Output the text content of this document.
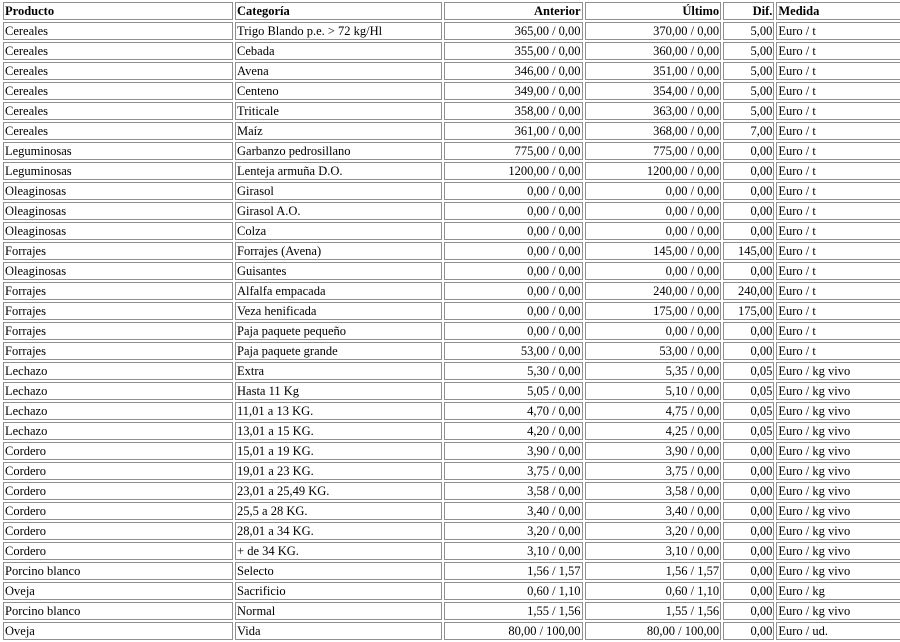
Producto	Categoría	Anterior	Último	Dif.	Medida
Cereales	Trigo Blando p.e. > 72 kg/Hl	365,00 / 0,00	370,00 / 0,00	5,00	Euro / t
Cereales	Cebada	355,00 / 0,00	360,00 / 0,00	5,00	Euro / t
Cereales	Avena	346,00 / 0,00	351,00 / 0,00	5,00	Euro / t
Cereales	Centeno	349,00 / 0,00	354,00 / 0,00	5,00	Euro / t
Cereales	Triticale	358,00 / 0,00	363,00 / 0,00	5,00	Euro / t
Cereales	Maíz	361,00 / 0,00	368,00 / 0,00	7,00	Euro / t
Leguminosas	Garbanzo pedrosillano	775,00 / 0,00	775,00 / 0,00	0,00	Euro / t
Leguminosas	Lenteja armuña D.O.	1200,00 / 0,00	1200,00 / 0,00	0,00	Euro / t
Oleaginosas	Girasol	0,00 / 0,00	0,00 / 0,00	0,00	Euro / t
Oleaginosas	Girasol A.O.	0,00 / 0,00	0,00 / 0,00	0,00	Euro / t
Oleaginosas	Colza	0,00 / 0,00	0,00 / 0,00	0,00	Euro / t
Forrajes	Forrajes (Avena)	0,00 / 0,00	145,00 / 0,00	145,00	Euro / t
Oleaginosas	Guisantes	0,00 / 0,00	0,00 / 0,00	0,00	Euro / t
Forrajes	Alfalfa empacada	0,00 / 0,00	240,00 / 0,00	240,00	Euro / t
Forrajes	Veza henificada	0,00 / 0,00	175,00 / 0,00	175,00	Euro / t
Forrajes	Paja paquete pequeño	0,00 / 0,00	0,00 / 0,00	0,00	Euro / t
Forrajes	Paja paquete grande	53,00 / 0,00	53,00 / 0,00	0,00	Euro / t
Lechazo	Extra	5,30 / 0,00	5,35 / 0,00	0,05	Euro / kg vivo
Lechazo	Hasta 11 Kg	5,05 / 0,00	5,10 / 0,00	0,05	Euro / kg vivo
Lechazo	11,01 a 13 KG.	4,70 / 0,00	4,75 / 0,00	0,05	Euro / kg vivo
Lechazo	13,01 a 15 KG.	4,20 / 0,00	4,25 / 0,00	0,05	Euro / kg vivo
Cordero	15,01 a 19 KG.	3,90 / 0,00	3,90 / 0,00	0,00	Euro / kg vivo
Cordero	19,01 a 23 KG.	3,75 / 0,00	3,75 / 0,00	0,00	Euro / kg vivo
Cordero	23,01 a 25,49 KG.	3,58 / 0,00	3,58 / 0,00	0,00	Euro / kg vivo
Cordero	25,5 a 28 KG.	3,40 / 0,00	3,40 / 0,00	0,00	Euro / kg vivo
Cordero	28,01 a 34 KG.	3,20 / 0,00	3,20 / 0,00	0,00	Euro / kg vivo
Cordero	+ de 34 KG.	3,10 / 0,00	3,10 / 0,00	0,00	Euro / kg vivo
Porcino blanco	Selecto	1,56 / 1,57	1,56 / 1,57	0,00	Euro / kg vivo
Oveja	Sacrificio	0,60 / 1,10	0,60 / 1,10	0,00	Euro / kg
Porcino blanco	Normal	1,55 / 1,56	1,55 / 1,56	0,00	Euro / kg vivo
Oveja	Vida	80,00 / 100,00	80,00 / 100,00	0,00	Euro / ud.
